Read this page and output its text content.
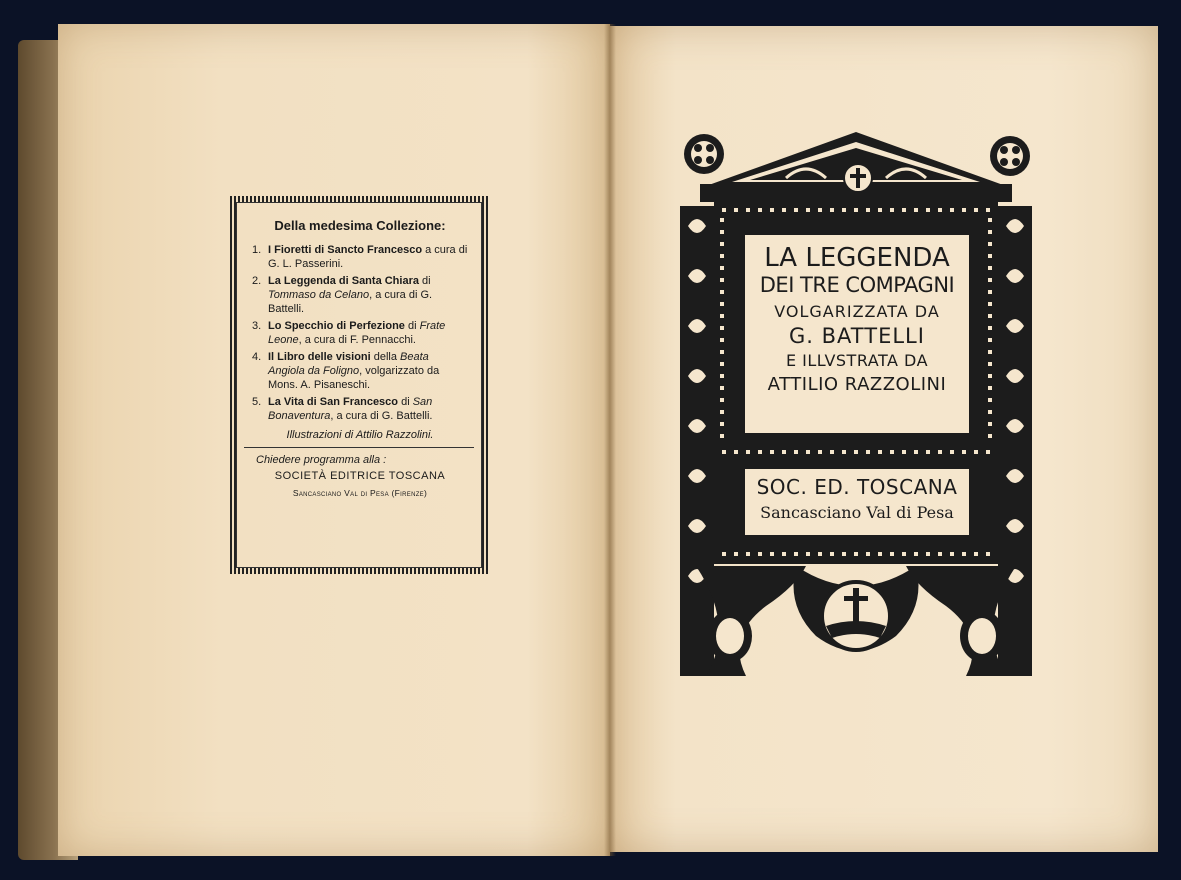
Della medesima Collezione:
1. I Fioretti di Sancto Francesco a cura di G. L. Passerini.
2. La Leggenda di Santa Chiara di Tommaso da Celano, a cura di G. Battelli.
3. Lo Specchio di Perfezione di Frate Leone, a cura di F. Pennacchi.
4. Il Libro delle visioni della Beata Angiola da Foligno, volgarizzato da Mons. A. Pisaneschi.
5. La Vita di San Francesco di San Bonaventura, a cura di G. Battelli.
Illustrazioni di Attilio Razzolini.
Chiedere programma alla :
SOCIETÀ EDITRICE TOSCANA
Sancasciano Val di Pesa (Firenze)
LA LEGGENDA
DEI TRE COMPAGNI
VOLGARIZZATA DA
G. BATTELLI
E ILLVSTRATA DA
ATTILIO RAZZOLINI
SOC. ED. TOSCANA
Sancasciano Val di Pesa
